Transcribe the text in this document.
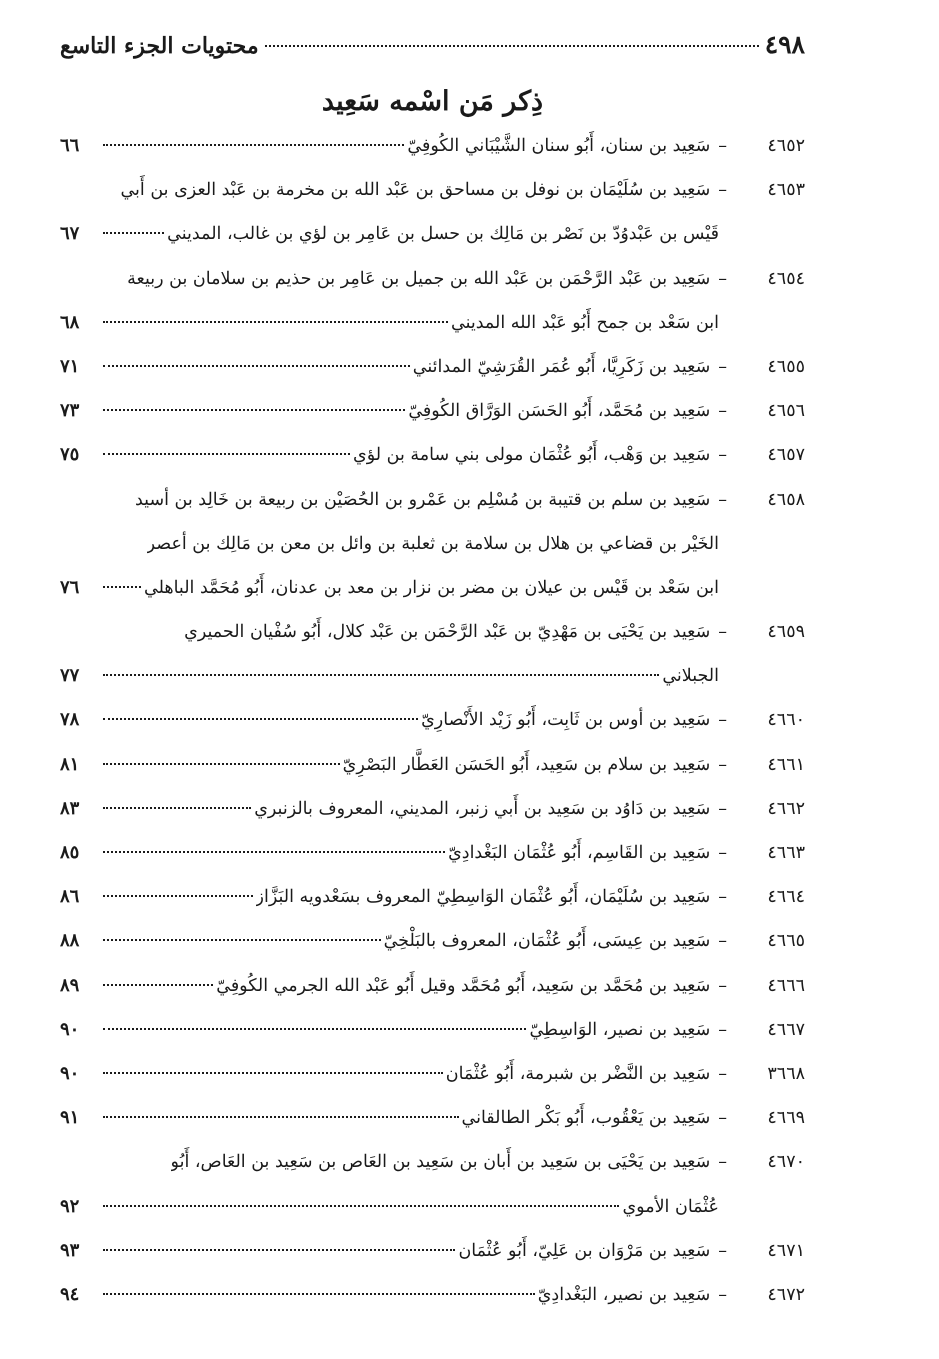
٤٩٨
محتويات الجزء التاسع
ذِكر مَن اسْمه سَعِيد
٤٦٥٢
–
سَعِيد بن سنان، أَبُو سنان الشَّيْبَاني الكُوفِيّ
٦٦
٤٦٥٣
–
سَعِيد بن سُلَيْمَان بن نوفل بن مساحق بن عَبْد الله بن مخرمة بن عَبْد العزى بن أَبي
قَيْس بن عَبْدوُدّ بن نَصْر بن مَالِك بن حسل بن عَامِر بن لؤي بن غالب، المديني
٦٧
٤٦٥٤
–
سَعِيد بن عَبْد الرَّحْمَن بن عَبْد الله بن جميل بن عَامِر بن حذيم بن سلامان بن ربيعة
ابن سَعْد بن جمح أَبُو عَبْد الله المديني
٦٨
٤٦٥٥
–
سَعِيد بن زَكَرِيَّا، أَبُو عُمَر القُرَشِيّ المدائني
٧١
٤٦٥٦
–
سَعِيد بن مُحَمَّد، أَبُو الحَسَن الوَرَّاق الكُوفِيّ
٧٣
٤٦٥٧
–
سَعِيد بن وَهْب، أَبُو عُثْمَان مولى بني سامة بن لؤي
٧٥
٤٦٥٨
–
سَعِيد بن سلم بن قتيبة بن مُسْلِم بن عَمْرو بن الحُصَيْن بن ربيعة بن خَالِد بن أسيد
الخَيْر بن قضاعي بن هلال بن سلامة بن ثعلبة بن وائل بن معن بن مَالِك بن أعصر
ابن سَعْد بن قَيْس بن عيلان بن مضر بن نزار بن معد بن عدنان، أَبُو مُحَمَّد الباهلي
٧٦
٤٦٥٩
–
سَعِيد بن يَحْيَى بن مَهْدِيّ بن عَبْد الرَّحْمَن بن عَبْد كلال، أَبُو سُفْيان الحميري
الجبلاني
٧٧
٤٦٦٠
–
سَعِيد بن أوس بن ثَابِت، أَبُو زَيْد الأَنْصارِيّ
٧٨
٤٦٦١
–
سَعِيد بن سلام بن سَعِيد، أَبُو الحَسَن العَطَّار البَصْرِيّ
٨١
٤٦٦٢
–
سَعِيد بن دَاوُد بن سَعِيد بن أَبي زنبر، المديني، المعروف بالزنبري
٨٣
٤٦٦٣
–
سَعِيد بن القَاسِم، أَبُو عُثْمَان البَغْدادِيّ
٨٥
٤٦٦٤
–
سَعِيد بن سُلَيْمَان، أَبُو عُثْمَان الوَاسِطِيّ المعروف بسَعْدويه البَزَّاز
٨٦
٤٦٦٥
–
سَعِيد بن عِيسَى، أَبُو عُثْمَان، المعروف بالبَلْخِيّ
٨٨
٤٦٦٦
–
سَعِيد بن مُحَمَّد بن سَعِيد، أَبُو مُحَمَّد وقيل أَبُو عَبْد الله الجرمي الكُوفِيّ
٨٩
٤٦٦٧
–
سَعِيد بن نصير، الوَاسِطِيّ
٩٠
٣٦٦٨
–
سَعِيد بن النَّضْر بن شبرمة، أَبُو عُثْمَان
٩٠
٤٦٦٩
–
سَعِيد بن يَعْقُوب، أَبُو بَكْر الطالقاني
٩١
٤٦٧٠
–
سَعِيد بن يَحْيَى بن سَعِيد بن أَبان بن سَعِيد بن العَاص بن سَعِيد بن العَاص، أَبُو
عُثْمَان الأموي
٩٢
٤٦٧١
–
سَعِيد بن مَرْوَان بن عَلِيّ، أَبُو عُثْمَان
٩٣
٤٦٧٢
–
سَعِيد بن نصير، البَغْدادِيّ
٩٤
